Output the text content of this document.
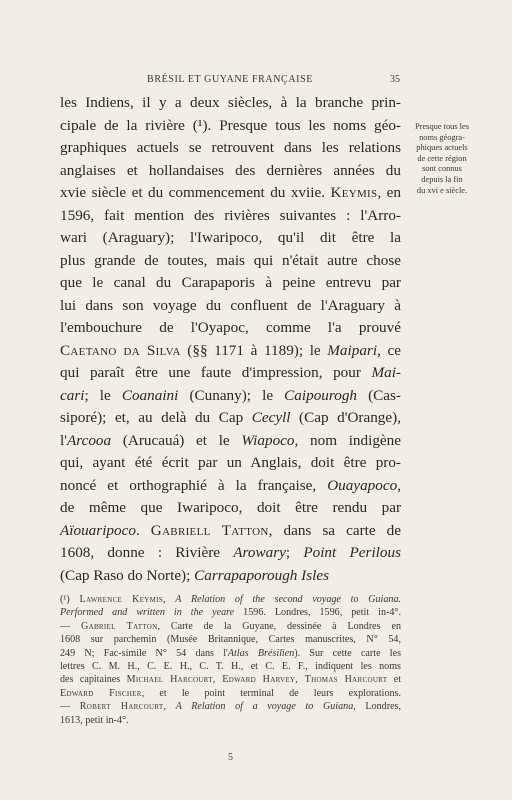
BRÉSIL ET GUYANE FRANÇAISE	35
les Indiens, il y a deux siècles, à la branche prin-
cipale de la rivière (¹). Presque tous les noms géo-
graphiques actuels se retrouvent dans les relations
anglaises et hollandaises des dernières années du
xvie siècle et du commencement du xviie. Keymis, en
1596, fait mention des rivières suivantes : l'Arro-
wari (Araguary); l'Iwaripoco, qu'il dit être la
plus grande de toutes, mais qui n'était autre chose
que le canal du Carapaporis à peine entrevu par
lui dans son voyage du confluent de l'Araguary à
l'embouchure de l'Oyapoc, comme l'a prouvé
Caetano da Silva (§§ 1171 à 1189); le Maipari, ce
qui paraît être une faute d'impression, pour Mai-
cari; le Coanaini (Cunany); le Caipourogh (Cas-
siporé); et, au delà du Cap Cecyll (Cap d'Orange),
l'Arcooa (Arucauá) et le Wiapoco, nom indigène
qui, ayant été écrit par un Anglais, doit être pro-
noncé et orthographié à la française, Ouayapoco,
de même que Iwaripoco, doit être rendu par
Aïouaripoco. Gabriell Tatton, dans sa carte de
1608, donne : Rivière Arowary; Point Perilous
(Cap Raso do Norte); Carrapaporough Isles
Presque tous les
noms géogra-
phiques actuels
de cette région
sont connus
depuis la fin
du xvi e siècle.
(¹) Lawrence Keymis, A Relation of the second voyage to Guiana.
Performed and written in the yeare 1596. Londres, 1596, petit in-4°.
— Gabriel Tatton, Carte de la Guyane, dessinée à Londres en
1608 sur parchemin (Musée Britannique, Cartes manuscrites, N° 54,
249 N; Fac-simile N° 54 dans l'Atlas Brésilien). Sur cette carte les
lettres C. M. H., C. E. H., C. T. H., et C. E. F., indiquent les noms
des capitaines Michael Harcourt, Edward Harvey, Thomas Harcourt et
Edward Fischer, et le point terminal de leurs explorations.
— Robert Harcourt, A Relation of a voyage to Guiana, Londres,
1613, petit in-4°.
5
